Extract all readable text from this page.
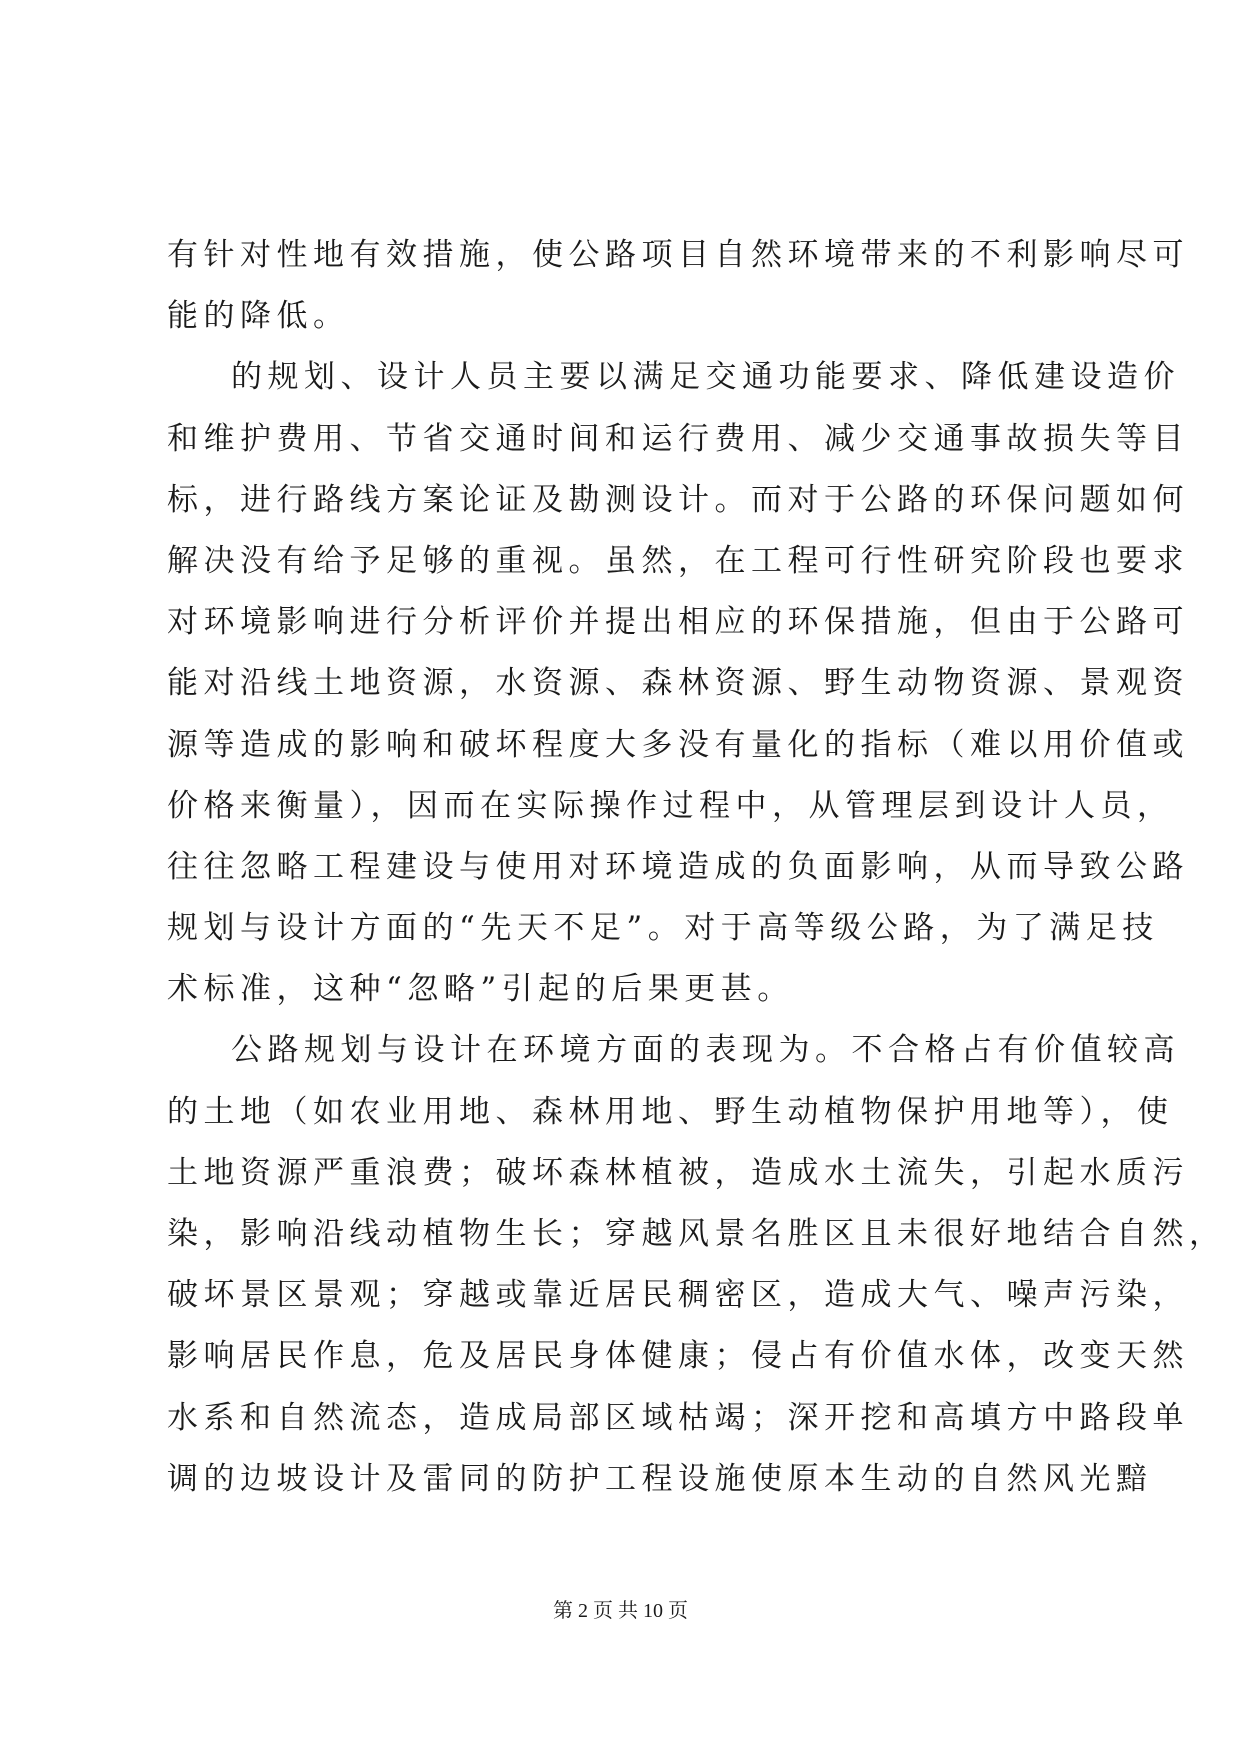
有针对性地有效措施，使公路项目自然环境带来的不利影响尽可
能的降低。
的规划、设计人员主要以满足交通功能要求、降低建设造价
和维护费用、节省交通时间和运行费用、减少交通事故损失等目
标，进行路线方案论证及勘测设计。而对于公路的环保问题如何
解决没有给予足够的重视。虽然，在工程可行性研究阶段也要求
对环境影响进行分析评价并提出相应的环保措施，但由于公路可
能对沿线土地资源，水资源、森林资源、野生动物资源、景观资
源等造成的影响和破坏程度大多没有量化的指标（难以用价值或
价格来衡量），因而在实际操作过程中，从管理层到设计人员，
往往忽略工程建设与使用对环境造成的负面影响，从而导致公路
规划与设计方面的“先天不足”。对于高等级公路，为了满足技
术标准，这种“忽略”引起的后果更甚。
公路规划与设计在环境方面的表现为。不合格占有价值较高
的土地（如农业用地、森林用地、野生动植物保护用地等），使
土地资源严重浪费；破坏森林植被，造成水土流失，引起水质污
染，影响沿线动植物生长；穿越风景名胜区且未很好地结合自然，
破坏景区景观；穿越或靠近居民稠密区，造成大气、噪声污染，
影响居民作息，危及居民身体健康；侵占有价值水体，改变天然
水系和自然流态，造成局部区域枯竭；深开挖和高填方中路段单
调的边坡设计及雷同的防护工程设施使原本生动的自然风光黯
第 2 页 共 10 页
